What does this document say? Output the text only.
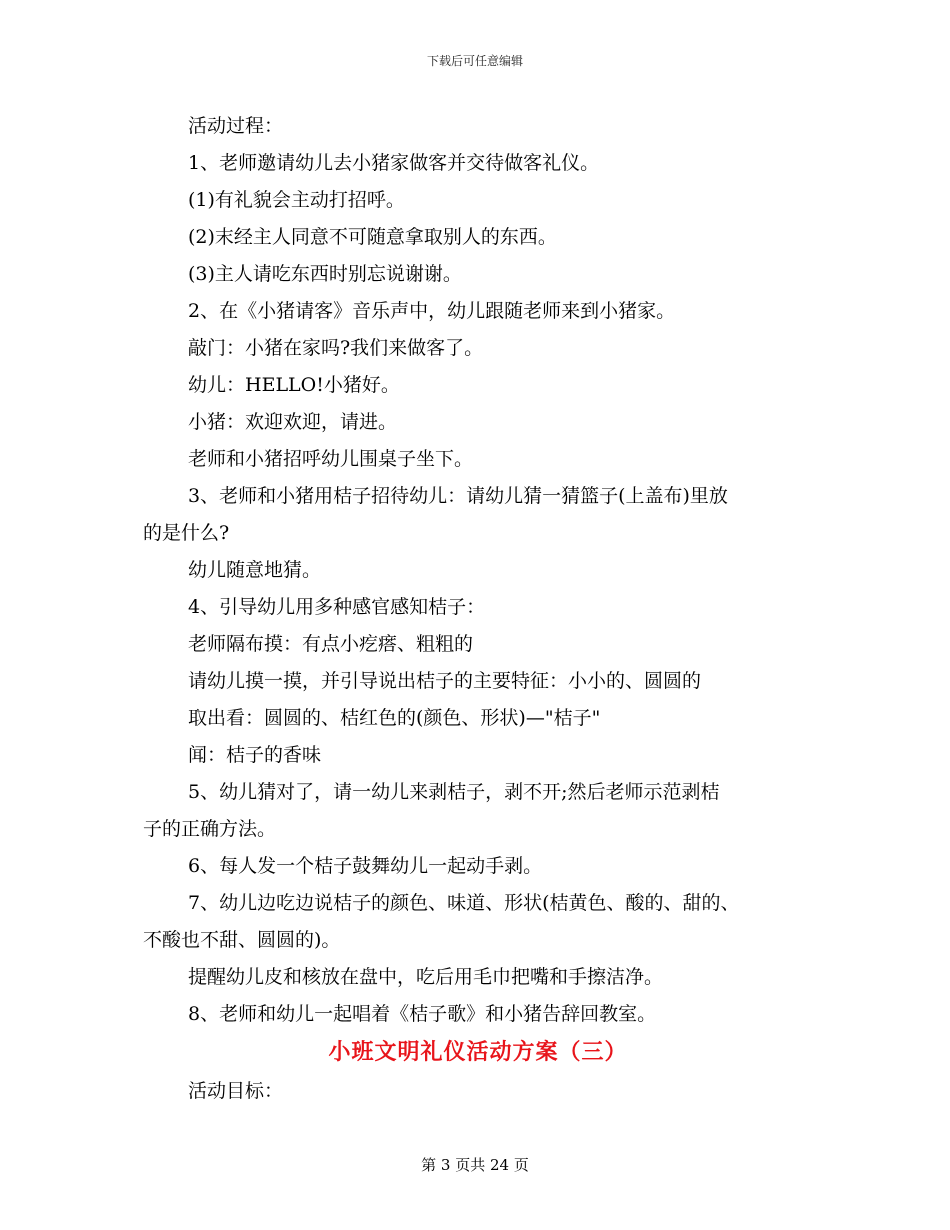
下载后可任意编辑
活动过程：
1、老师邀请幼儿去小猪家做客并交待做客礼仪。
(1)有礼貌会主动打招呼。
(2)末经主人同意不可随意拿取别人的东西。
(3)主人请吃东西时别忘说谢谢。
2、在《小猪请客》音乐声中，幼儿跟随老师来到小猪家。
敲门：小猪在家吗?我们来做客了。
幼儿：HELLO!小猪好。
小猪：欢迎欢迎，请进。
老师和小猪招呼幼儿围桌子坐下。
3、老师和小猪用桔子招待幼儿：请幼儿猜一猜篮子(上盖布)里放
的是什么?
幼儿随意地猜。
4、引导幼儿用多种感官感知桔子：
老师隔布摸：有点小疙瘩、粗粗的
请幼儿摸一摸，并引导说出桔子的主要特征：小小的、圆圆的
取出看：圆圆的、桔红色的(颜色、形状)—"桔子"
闻：桔子的香味
5、幼儿猜对了，请一幼儿来剥桔子，剥不开;然后老师示范剥桔
子的正确方法。
6、每人发一个桔子鼓舞幼儿一起动手剥。
7、幼儿边吃边说桔子的颜色、味道、形状(桔黄色、酸的、甜的、
不酸也不甜、圆圆的)。
提醒幼儿皮和核放在盘中，吃后用毛巾把嘴和手擦洁净。
8、老师和幼儿一起唱着《桔子歌》和小猪告辞回教室。
小班文明礼仪活动方案（三）
活动目标：
第 3 页共 24 页
